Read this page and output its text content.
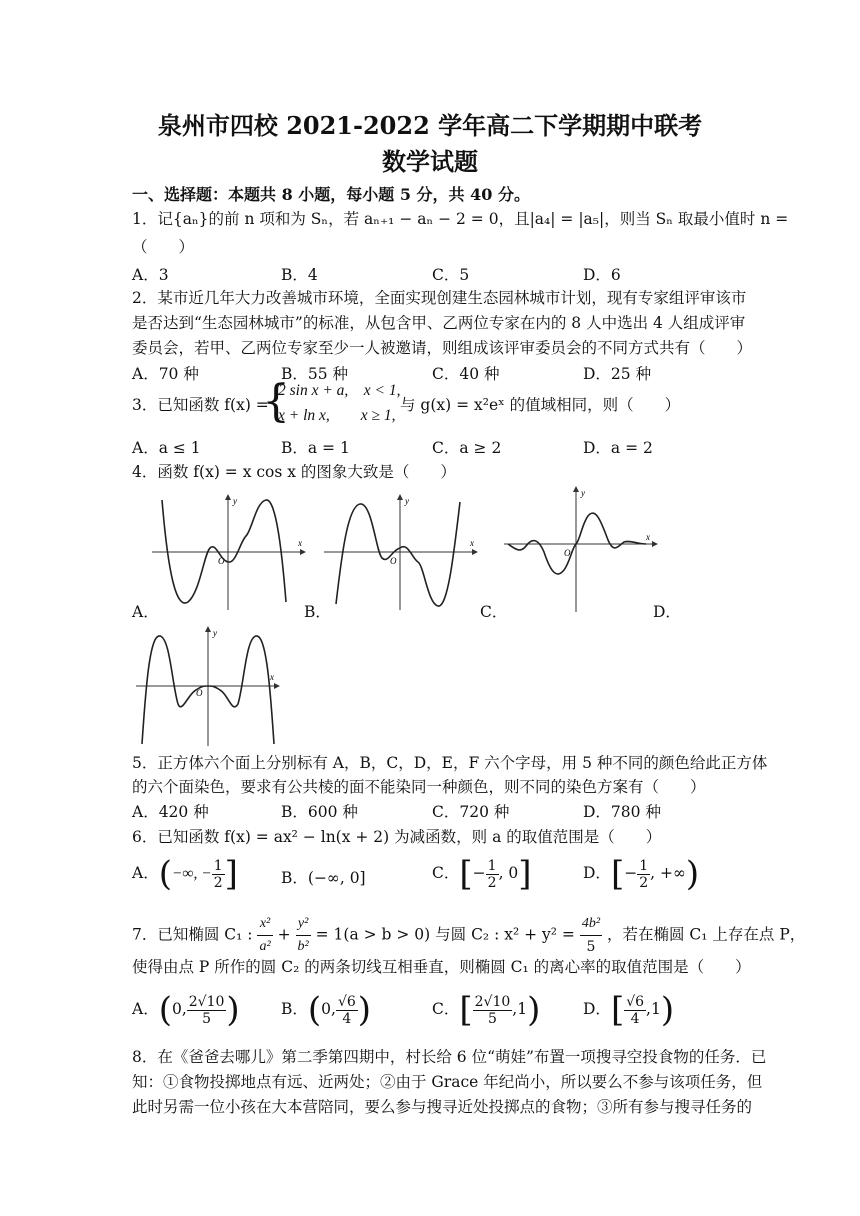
泉州市四校 2021-2022 学年高二下学期期中联考
数学试题
一、选择题：本题共 8 小题，每小题 5 分，共 40 分。
1．记{aₙ}的前 n 项和为 Sₙ，若 aₙ₊₁ − aₙ − 2 = 0，且|a₄| = |a₅|，则当 Sₙ 取最小值时 n =
（　　）
A．3	B．4	C．5	D．6
2．某市近几年大力改善城市环境，全面实现创建生态园林城市计划，现有专家组评审该市
是否达到“生态园林城市”的标准，从包含甲、乙两位专家在内的 8 人中选出 4 人组成评审
委员会，若甲、乙两位专家至少一人被邀请，则组成该评审委员会的不同方式共有（　　）
A．70 种	B．55 种	C．40 种	D．25 种
3．已知函数 f(x) =
{
2 sin x + a,　x < 1,
x + ln x,　　x ≥ 1,
与 g(x) = x²eˣ 的值域相同，则（　　）
A．a ≤ 1	B．a = 1	C．a ≥ 2	D．a = 2
4．函数 f(x) = x cos x 的图象大致是（　　）
y
x
O
A．
y
x
O
B．
y
x
O
C．	D．
y
x
O
5．正方体六个面上分别标有 A，B，C，D，E，F 六个字母，用 5 种不同的颜色给此正方体
的六个面染色，要求有公共棱的面不能染同一种颜色，则不同的染色方案有（　　）
A．420 种	B．600 种	C．720 种	D．780 种
6．已知函数 f(x) = ax² − ln(x + 2) 为减函数，则 a 的取值范围是（　　）
A．(−∞, − $\frac{1}{2}$ ]	B．(−∞, 0]	C．[− $\frac{1}{2}$ , 0]	D．[− $\frac{1}{2}$ , +∞)
7．已知椭圆 C₁ : $\frac{\text{x²}}{\text{a²}} + \frac{\text{y²}}{\text{b²}} = 1(a > b > 0)$ 与圆 C₂ : $x^2 + y^2 = \frac{\text{4b²}}{5}$ ，若在椭圆 C₁ 上存在点 P，
使得由点 P 所作的圆 C₂ 的两条切线互相垂直，则椭圆 C₁ 的离心率的取值范围是（　　）
A．(0, $\frac{2√10}{5}$ )	B．(0, $\frac{√6}{4}$ )	C．[ $\frac{2√10}{5} ,1$)	D．[ $\frac{√6}{4} ,1$)
8．在《爸爸去哪儿》第二季第四期中，村长给 6 位“萌娃”布置一项搜寻空投食物的任务．已
知：①食物投掷地点有远、近两处；②由于 Grace 年纪尚小，所以要么不参与该项任务，但
此时另需一位小孩在大本营陪同，要么参与搜寻近处投掷点的食物；③所有参与搜寻任务的
